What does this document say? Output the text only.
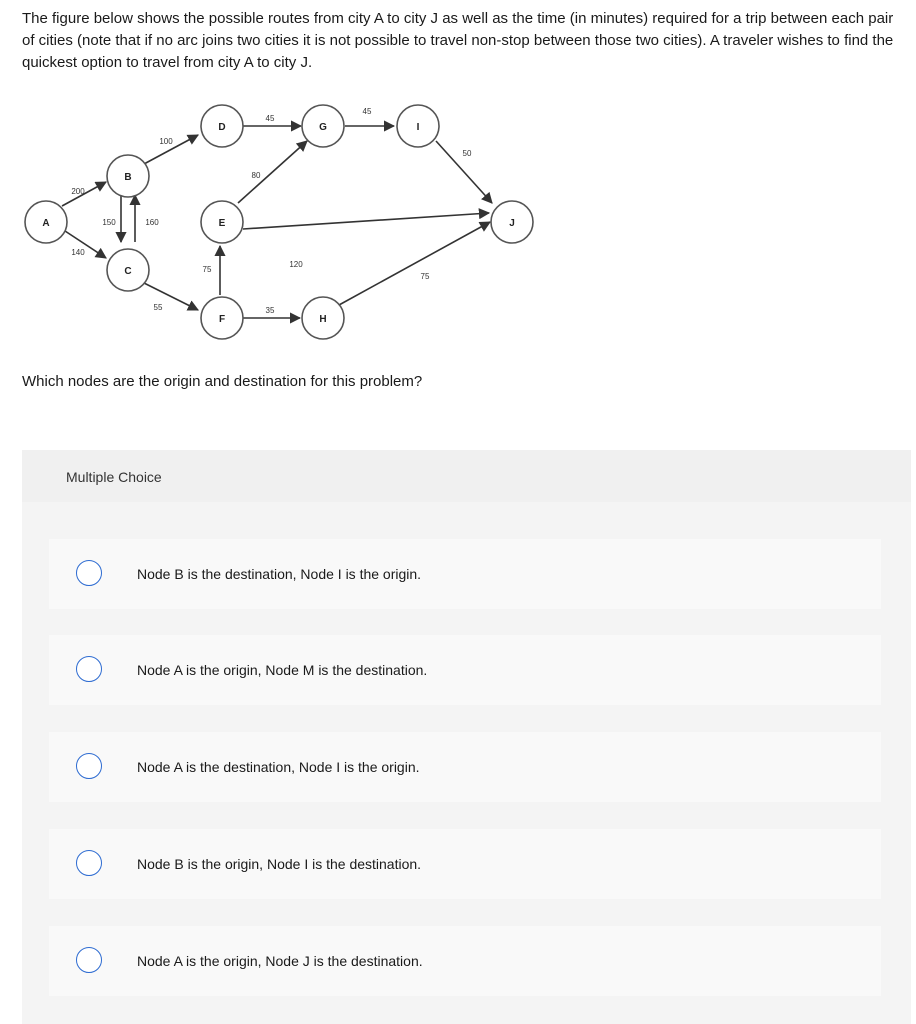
The figure below shows the possible routes from city A to city J as well as the time (in minutes) required for a trip between each pair of cities (note that if no arc joins two cities it is not possible to travel non-stop between those two cities). A traveler wishes to find the quickest option to travel from city A to city J.

200
140
150	160
100
55
45
80
75
35
45
120
75
50
A
B
C
D
E
F
G
H
I
J

Which nodes are the origin and destination for this problem?

Multiple Choice
Node B is the destination, Node I is the origin.
Node A is the origin, Node M is the destination.
Node A is the destination, Node I is the origin.
Node B is the origin, Node I is the destination.
Node A is the origin, Node J is the destination.
